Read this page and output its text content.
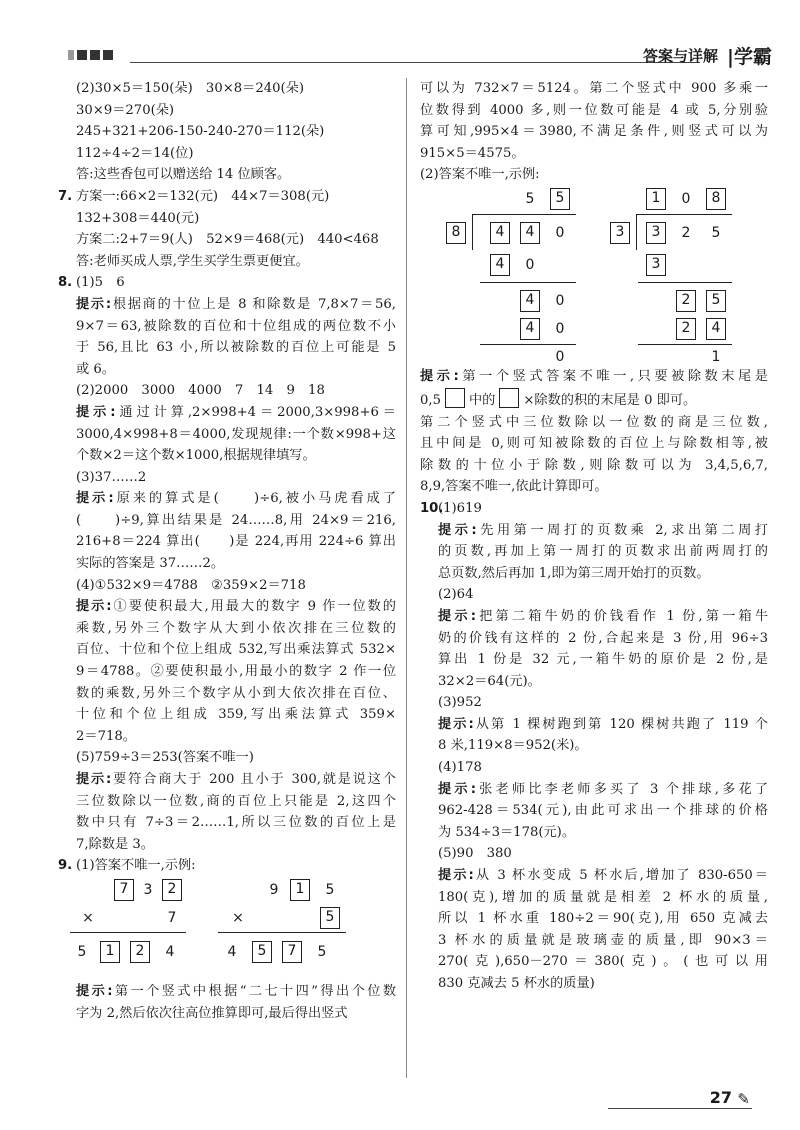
答案与详解 |学霸
(2)30×5＝150(朵)　30×8＝240(朵)
30×9＝270(朵)
245+321+206-150-240-270＝112(朵)
112÷4÷2＝14(位)
答:这些香包可以赠送给 14 位顾客。
7. 方案一:66×2＝132(元)　44×7＝308(元)
132+308＝440(元)
方案二:2+7＝9(人)　52×9＝468(元)　440<468
答:老师买成人票,学生买学生票更便宜。
8. (1)5　6
提示:根据商的十位上是 8 和除数是 7,8×7＝56,
9×7＝63,被除数的百位和十位组成的两位数不小
于 56,且比 63 小,所以被除数的百位上可能是 5
或 6。
(2)2000　3000　4000　7　14　9　18
提示:通过计算,2×998+4＝2000,3×998+6＝
3000,4×998+8＝4000,发现规律:一个数×998+这
个数×2＝这个数×1000,根据规律填写。
(3)37……2
提示:原来的算式是(　　)÷6,被小马虎看成了
(　　)÷9,算出结果是 24……8,用 24×9＝216,
216+8＝224 算出(　　)是 224,再用 224÷6 算出
实际的答案是 37……2。
(4)①532×9＝4788　②359×2＝718
提示:①要使积最大,用最大的数字 9 作一位数的
乘数,另外三个数字从大到小依次排在三位数的
百位、十位和个位上组成 532,写出乘法算式 532×
9＝4788。②要使积最小,用最小的数字 2 作一位
数的乘数,另外三个数字从小到大依次排在百位、
十位和个位上组成 359,写出乘法算式 359×
2＝718。
(5)759÷3＝253(答案不唯一)
提示:要符合商大于 200 且小于 300,就是说这个
三位数除以一位数,商的百位上只能是 2,这四个
数中只有 7÷3＝2……1,所以三位数的百位上是
7,除数是 3。
9. (1)答案不唯一,示例:
7	3	2
×	7
5	1	2	4
9	1	5
×	5
4	5	7	5
提示:第一个竖式中根据“二七十四”得出个位数
字为 2,然后依次往高位推算即可,最后得出竖式
可以为 732×7＝5124。第二个竖式中 900 多乘一
位数得到 4000 多,则一位数可能是 4 或 5,分别验
算可知,995×4＝3980,不满足条件,则竖式可以为
915×5＝4575。
(2)答案不唯一,示例:
5	5
8	4	4	0
4	0
4	0
4	0
0
1	0	8
3	3	2	5
3
2	5
2	4
1
提示:第一个竖式答案不唯一,只要被除数末尾是
0,5 中的 ×除数的积的末尾是 0 即可。
第二个竖式中三位数除以一位数的商是三位数,
且中间是 0,则可知被除数的百位上与除数相等,被
除数的十位小于除数,则除数可以为 3,4,5,6,7,
8,9,答案不唯一,依此计算即可。
10.(1)619
提示:先用第一周打的页数乘 2,求出第二周打
的页数,再加上第一周打的页数求出前两周打的
总页数,然后再加 1,即为第三周开始打的页数。
(2)64
提示:把第二箱牛奶的价钱看作 1 份,第一箱牛
奶的价钱有这样的 2 份,合起来是 3 份,用 96÷3
算出 1 份是 32 元,一箱牛奶的原价是 2 份,是
32×2＝64(元)。
(3)952
提示:从第 1 棵树跑到第 120 棵树共跑了 119 个
8 米,119×8＝952(米)。
(4)178
提示:张老师比李老师多买了 3 个排球,多花了
962-428＝534(元),由此可求出一个排球的价格
为 534÷3＝178(元)。
(5)90　380
提示:从 3 杯水变成 5 杯水后,增加了 830-650＝
180(克),增加的质量就是相差 2 杯水的质量,
所以 1 杯水重 180÷2＝90(克),用 650 克减去
3 杯水的质量就是玻璃壶的质量,即 90×3＝
270(克),650－270＝380(克)。(也可以用
830 克减去 5 杯水的质量)
27 ✎
